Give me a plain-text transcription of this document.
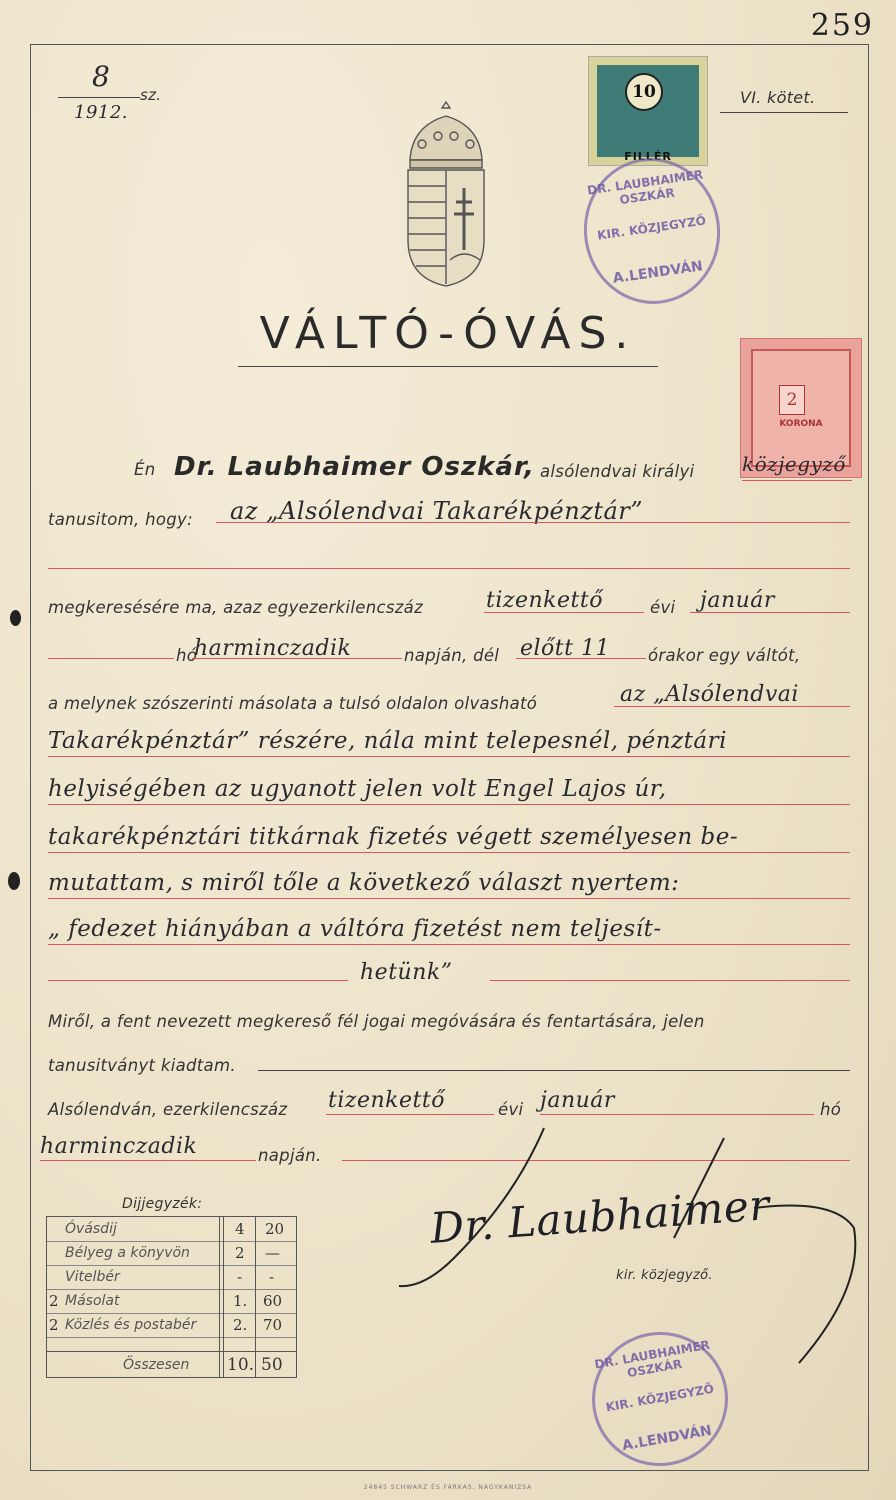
259
8
sz.
1912.
VI. kötet.
10
FILLÉR
DR. LAUBHAIMER OSZKÁR
KIR. KÖZJEGYZŐ
A.LENDVÁN
2
KORONA
VÁLTÓ-ÓVÁS.
Én Dr. Laubhaimer Oszkár, alsólendvai királyi közjegyző
tanusitom, hogy: az „Alsólendvai Takarékpénztár”
megkeresésére ma, azaz egyezerkilencszáz	tizenkettő	évi január
hó
harminczadik	napján, dél előtt 11 órakor egy váltót,
a melynek szószerinti másolata a tulsó oldalon olvasható	az „Alsólendvai
Takarékpénztár” részére, nála mint telepesnél, pénztári
helyiségében az ugyanott jelen volt Engel Lajos úr,
takarékpénztári titkárnak fizetés végett személyesen be-
mutattam, s miről tőle a következő választ nyertem:
„ fedezet hiányában a váltóra fizetést nem teljesít-
hetünk”
Miről, a fent nevezett megkereső fél jogai megóvására és fentartására, jelen
tanusitványt kiadtam.
Alsólendván, ezerkilencszáz tizenkettő	évi január	hó
harminczadik	napján.
Dr. Laubhaimer
kir. közjegyző.
DR. LAUBHAIMER OSZKÁR
KIR. KÖZJEGYZŐ
A.LENDVÁN
Dijjegyzék:
Óvásdij	4 20
Bélyeg a könyvön	2 —
Vitelbér	- -
2 Másolat	1. 60
2 Közlés és postabér 2. 70
Összesen 10. 50
24845 SCHWARZ ÉS FARKAS, NAGYKANIZSA
